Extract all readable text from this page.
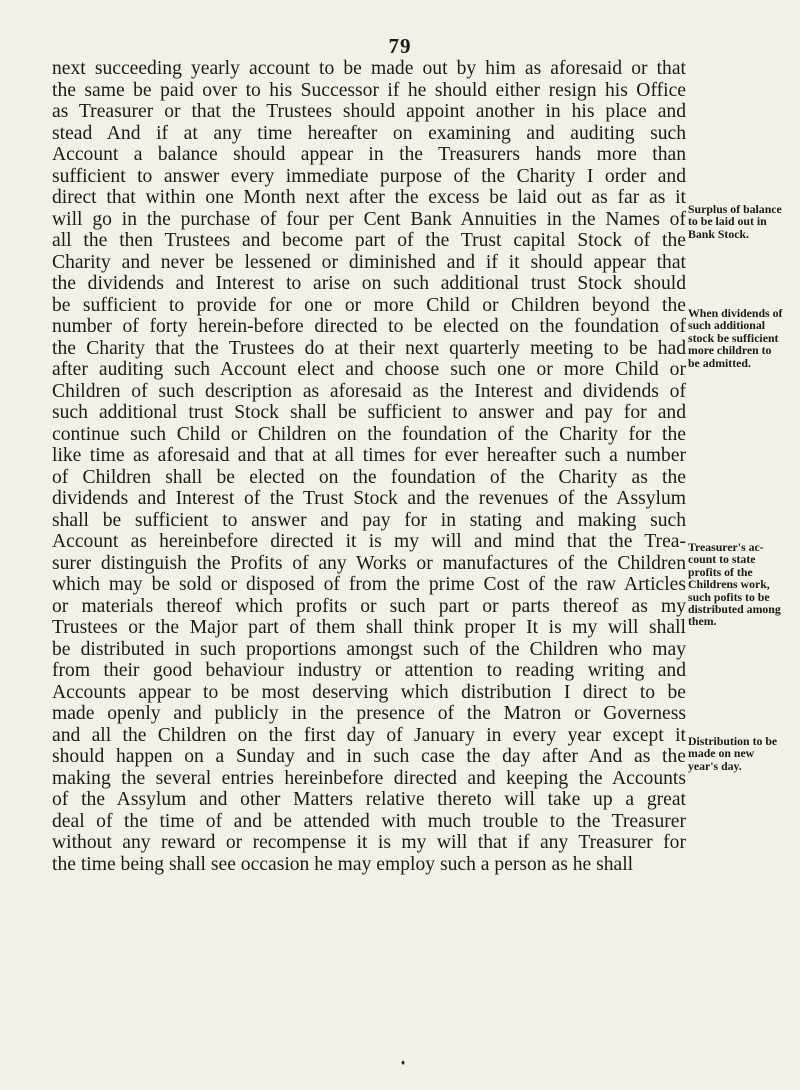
79
next succeeding yearly account to be made out by him as aforesaid or that
the same be paid over to his Successor if he should either resign his Office
as Treasurer or that the Trustees should appoint another in his place and
stead And if at any time hereafter on examining and auditing such
Account a balance should appear in the Treasurers hands more than
sufficient to answer every immediate purpose of the Charity I order and
direct that within one Month next after the excess be laid out as far as it
will go in the purchase of four per Cent Bank Annuities in the Names of
all the then Trustees and become part of the Trust capital Stock of the
Charity and never be lessened or diminished and if it should appear that
the dividends and Interest to arise on such additional trust Stock should
be sufficient to provide for one or more Child or Children beyond the
number of forty herein-before directed to be elected on the foundation of
the Charity that the Trustees do at their next quarterly meeting to be had
after auditing such Account elect and choose such one or more Child or
Children of such description as aforesaid as the Interest and dividends of
such additional trust Stock shall be sufficient to answer and pay for and
continue such Child or Children on the foundation of the Charity for the
like time as aforesaid and that at all times for ever hereafter such a number
of Children shall be elected on the foundation of the Charity as the
dividends and Interest of the Trust Stock and the revenues of the Assylum
shall be sufficient to answer and pay for in stating and making such
Account as hereinbefore directed it is my will and mind that the Trea-
surer distinguish the Profits of any Works or manufactures of the Children
which may be sold or disposed of from the prime Cost of the raw Articles
or materials thereof which profits or such part or parts thereof as my
Trustees or the Major part of them shall think proper It is my will shall
be distributed in such proportions amongst such of the Children who may
from their good behaviour industry or attention to reading writing and
Accounts appear to be most deserving which distribution I direct to be
made openly and publicly in the presence of the Matron or Governess
and all the Children on the first day of January in every year except it
should happen on a Sunday and in such case the day after And as the
making the several entries hereinbefore directed and keeping the Accounts
of the Assylum and other Matters relative thereto will take up a great
deal of the time of and be attended with much trouble to the Treasurer
without any reward or recompense it is my will that if any Treasurer for
the time being shall see occasion he may employ such a person as he shall
Surplus of balance
to be laid out in
Bank Stock.
When dividends of
such additional
stock be sufficient
more children to
be admitted.
Treasurer's ac-
count to state
profits of the
Childrens work,
such pofits to be
distributed among
them.
Distribution to be
made on new
year's day.
♦
